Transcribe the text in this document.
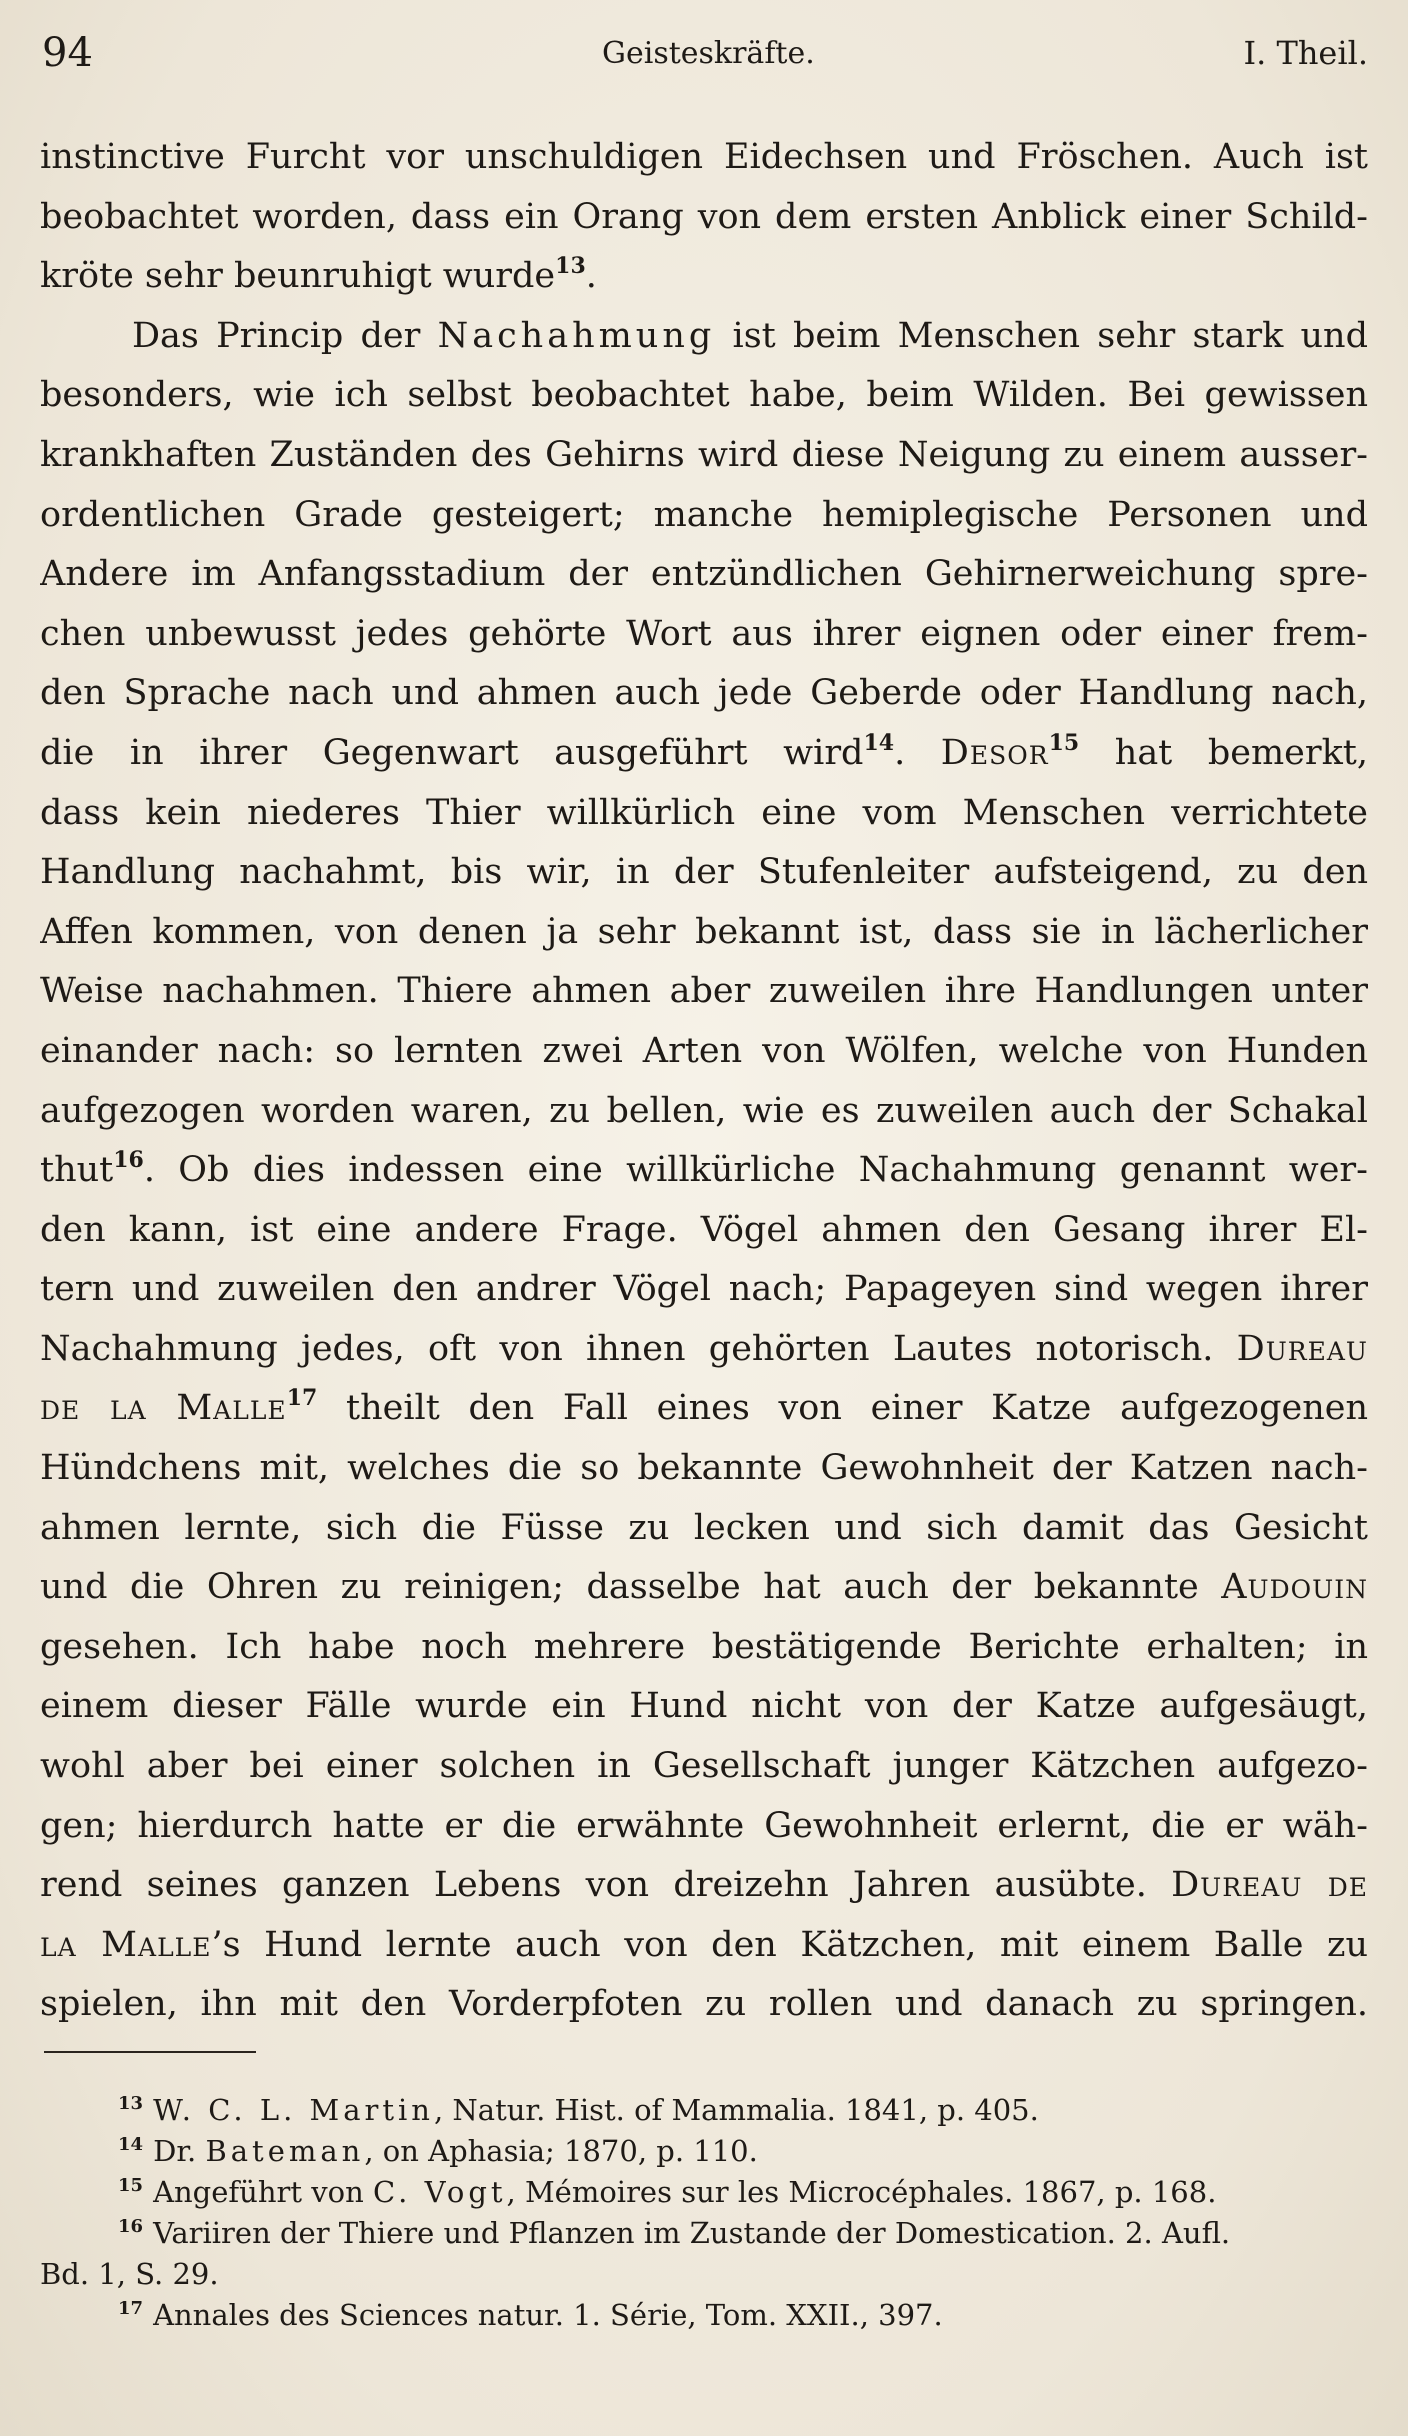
94	Geisteskräfte.	I. Theil.
instinctive Furcht vor unschuldigen Eidechsen und Fröschen. Auch ist
beobachtet worden, dass ein Orang von dem ersten Anblick einer Schild-
kröte sehr beunruhigt wurde$^{13}$.
Das Princip der Nachahmung ist beim Menschen sehr stark und
besonders, wie ich selbst beobachtet habe, beim Wilden. Bei gewissen
krankhaften Zuständen des Gehirns wird diese Neigung zu einem ausser-
ordentlichen Grade gesteigert; manche hemiplegische Personen und
Andere im Anfangsstadium der entzündlichen Gehirnerweichung spre-
chen unbewusst jedes gehörte Wort aus ihrer eignen oder einer frem-
den Sprache nach und ahmen auch jede Geberde oder Handlung nach,
die in ihrer Gegenwart ausgeführt wird$^{14}$. Desor$^{15}$ hat bemerkt,
dass kein niederes Thier willkürlich eine vom Menschen verrichtete
Handlung nachahmt, bis wir, in der Stufenleiter aufsteigend, zu den
Affen kommen, von denen ja sehr bekannt ist, dass sie in lächerlicher
Weise nachahmen. Thiere ahmen aber zuweilen ihre Handlungen unter
einander nach: so lernten zwei Arten von Wölfen, welche von Hunden
aufgezogen worden waren, zu bellen, wie es zuweilen auch der Schakal
thut$^{16}$. Ob dies indessen eine willkürliche Nachahmung genannt wer-
den kann, ist eine andere Frage. Vögel ahmen den Gesang ihrer El-
tern und zuweilen den andrer Vögel nach; Papageyen sind wegen ihrer
Nachahmung jedes, oft von ihnen gehörten Lautes notorisch. Dureau
de la Malle$^{17}$ theilt den Fall eines von einer Katze aufgezogenen
Hündchens mit, welches die so bekannte Gewohnheit der Katzen nach-
ahmen lernte, sich die Füsse zu lecken und sich damit das Gesicht
und die Ohren zu reinigen; dasselbe hat auch der bekannte Audouin
gesehen. Ich habe noch mehrere bestätigende Berichte erhalten; in
einem dieser Fälle wurde ein Hund nicht von der Katze aufgesäugt,
wohl aber bei einer solchen in Gesellschaft junger Kätzchen aufgezo-
gen; hierdurch hatte er die erwähnte Gewohnheit erlernt, die er wäh-
rend seines ganzen Lebens von dreizehn Jahren ausübte. Dureau de
la Malle’s Hund lernte auch von den Kätzchen, mit einem Balle zu
spielen, ihn mit den Vorderpfoten zu rollen und danach zu springen.
$^{13}$ W. C. L. Martin, Natur. Hist. of Mammalia. 1841, p. 405.
$^{14}$ Dr. Bateman, on Aphasia; 1870, p. 110.
$^{15}$ Angeführt von C. Vogt, Mémoires sur les Microcéphales. 1867, p. 168.
$^{16}$ Variiren der Thiere und Pflanzen im Zustande der Domestication. 2. Aufl.
Bd. 1, S. 29.
$^{17}$ Annales des Sciences natur. 1. Série, Tom. XXII., 397.
